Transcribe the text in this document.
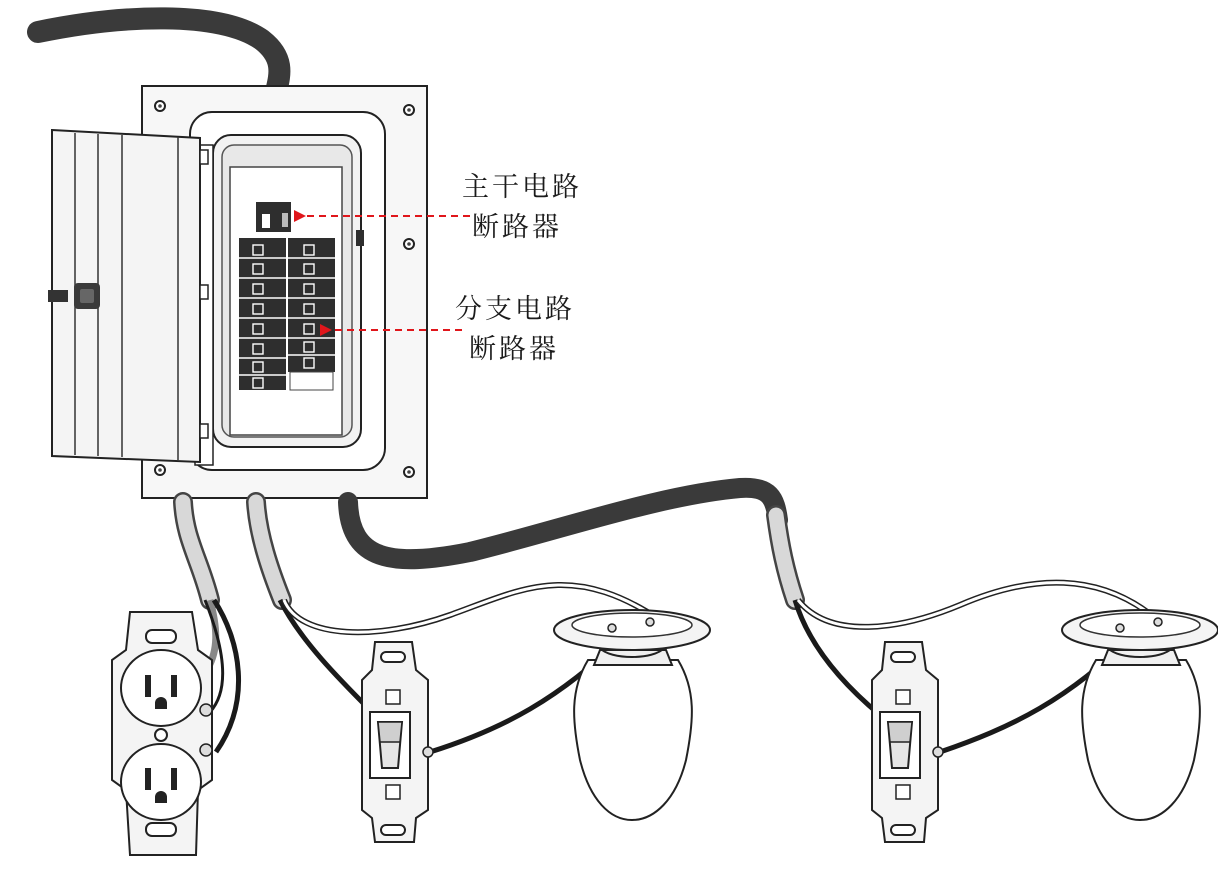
主干电路
断路器
分支电路
断路器
